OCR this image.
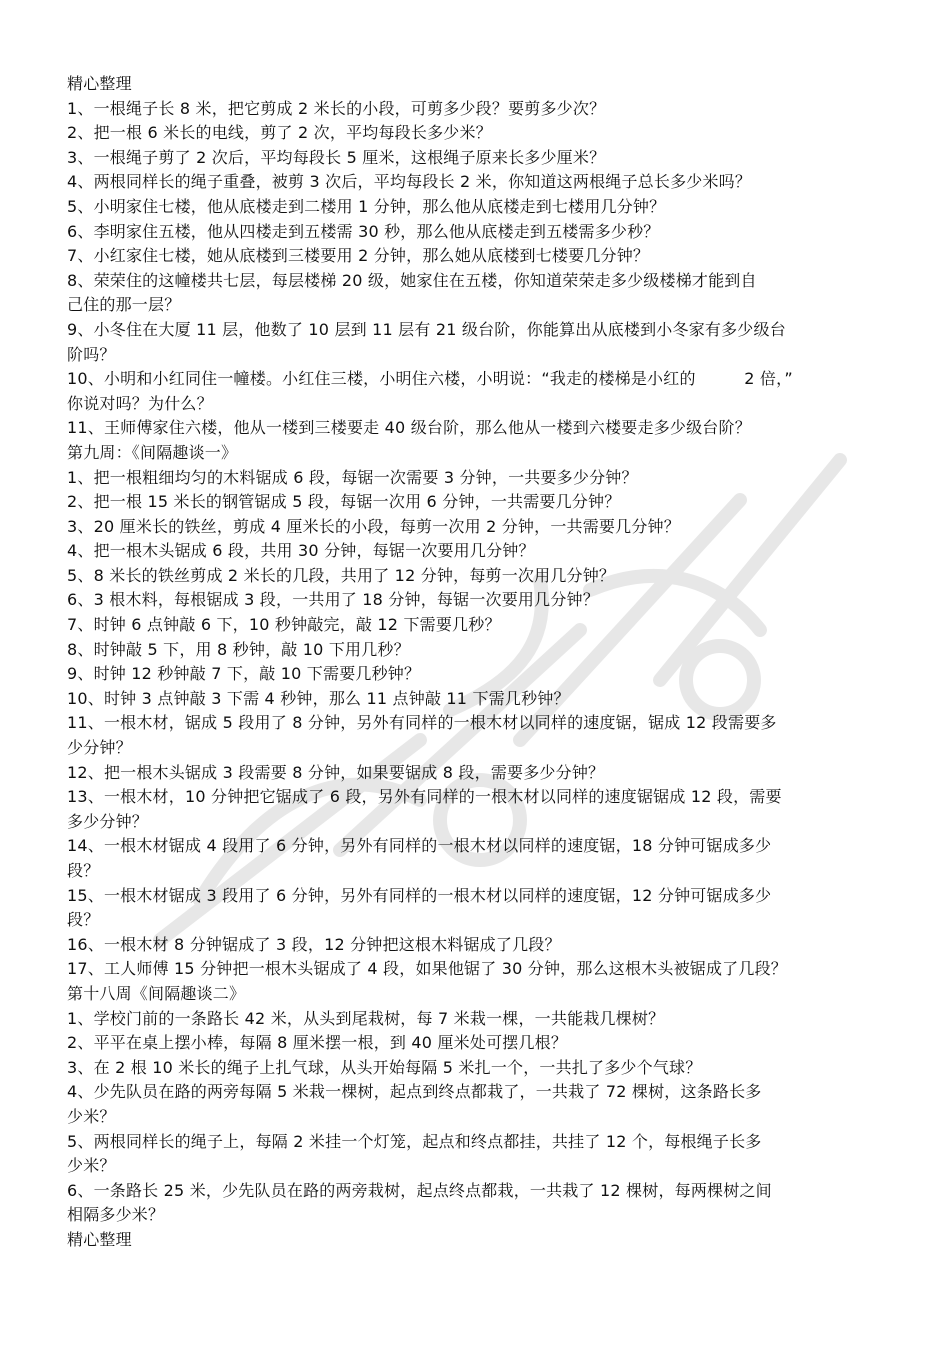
精心整理
1、一根绳子长 8 米，把它剪成 2 米长的小段，可剪多少段？要剪多少次？
2、把一根 6 米长的电线，剪了 2 次，平均每段长多少米？
3、一根绳子剪了 2 次后，平均每段长 5 厘米，这根绳子原来长多少厘米？
4、两根同样长的绳子重叠，被剪 3 次后，平均每段长 2 米，你知道这两根绳子总长多少米吗？
5、小明家住七楼，他从底楼走到二楼用 1 分钟，那么他从底楼走到七楼用几分钟？
6、李明家住五楼，他从四楼走到五楼需 30 秒，那么他从底楼走到五楼需多少秒？
7、小红家住七楼，她从底楼到三楼要用 2 分钟，那么她从底楼到七楼要几分钟？
8、荣荣住的这幢楼共七层，每层楼梯 20 级，她家住在五楼，你知道荣荣走多少级楼梯才能到自
己住的那一层？
9、小冬住在大厦 11 层，他数了 10 层到 11 层有 21 级台阶，你能算出从底楼到小冬家有多少级台
阶吗？
10、小明和小红同住一幢楼。小红住三楼，小明住六楼，小明说：“我走的楼梯是小红的　　　2 倍，”
你说对吗？为什么？
11、王师傅家住六楼，他从一楼到三楼要走 40 级台阶，那么他从一楼到六楼要走多少级台阶？
第九周：《间隔趣谈一》
1、把一根粗细均匀的木料锯成 6 段，每锯一次需要 3 分钟，一共要多少分钟？
2、把一根 15 米长的钢管锯成 5 段，每锯一次用 6 分钟，一共需要几分钟？
3、20 厘米长的铁丝，剪成 4 厘米长的小段，每剪一次用 2 分钟，一共需要几分钟？
4、把一根木头锯成 6 段，共用 30 分钟，每锯一次要用几分钟？
5、8 米长的铁丝剪成 2 米长的几段，共用了 12 分钟，每剪一次用几分钟？
6、3 根木料，每根锯成 3 段，一共用了 18 分钟，每锯一次要用几分钟？
7、时钟 6 点钟敲 6 下，10 秒钟敲完，敲 12 下需要几秒？
8、时钟敲 5 下，用 8 秒钟，敲 10 下用几秒？
9、时钟 12 秒钟敲 7 下，敲 10 下需要几秒钟？
10、时钟 3 点钟敲 3 下需 4 秒钟，那么 11 点钟敲 11 下需几秒钟？
11、一根木材，锯成 5 段用了 8 分钟，另外有同样的一根木材以同样的速度锯，锯成 12 段需要多
少分钟？
12、把一根木头锯成 3 段需要 8 分钟，如果要锯成 8 段，需要多少分钟？
13、一根木材，10 分钟把它锯成了 6 段，另外有同样的一根木材以同样的速度锯锯成 12 段，需要
多少分钟？
14、一根木材锯成 4 段用了 6 分钟，另外有同样的一根木材以同样的速度锯，18 分钟可锯成多少
段？
15、一根木材锯成 3 段用了 6 分钟，另外有同样的一根木材以同样的速度锯，12 分钟可锯成多少
段？
16、一根木材 8 分钟锯成了 3 段，12 分钟把这根木料锯成了几段？
17、工人师傅 15 分钟把一根木头锯成了 4 段，如果他锯了 30 分钟，那么这根木头被锯成了几段？
第十八周《间隔趣谈二》
1、学校门前的一条路长 42 米，从头到尾栽树，每 7 米栽一棵，一共能栽几棵树？
2、平平在桌上摆小棒，每隔 8 厘米摆一根，到 40 厘米处可摆几根？
3、在 2 根 10 米长的绳子上扎气球，从头开始每隔 5 米扎一个，一共扎了多少个气球？
4、少先队员在路的两旁每隔 5 米栽一棵树，起点到终点都栽了，一共栽了 72 棵树，这条路长多
少米？
5、两根同样长的绳子上，每隔 2 米挂一个灯笼，起点和终点都挂，共挂了 12 个，每根绳子长多
少米？
6、一条路长 25 米，少先队员在路的两旁栽树，起点终点都栽，一共栽了 12 棵树，每两棵树之间
相隔多少米？
精心整理
